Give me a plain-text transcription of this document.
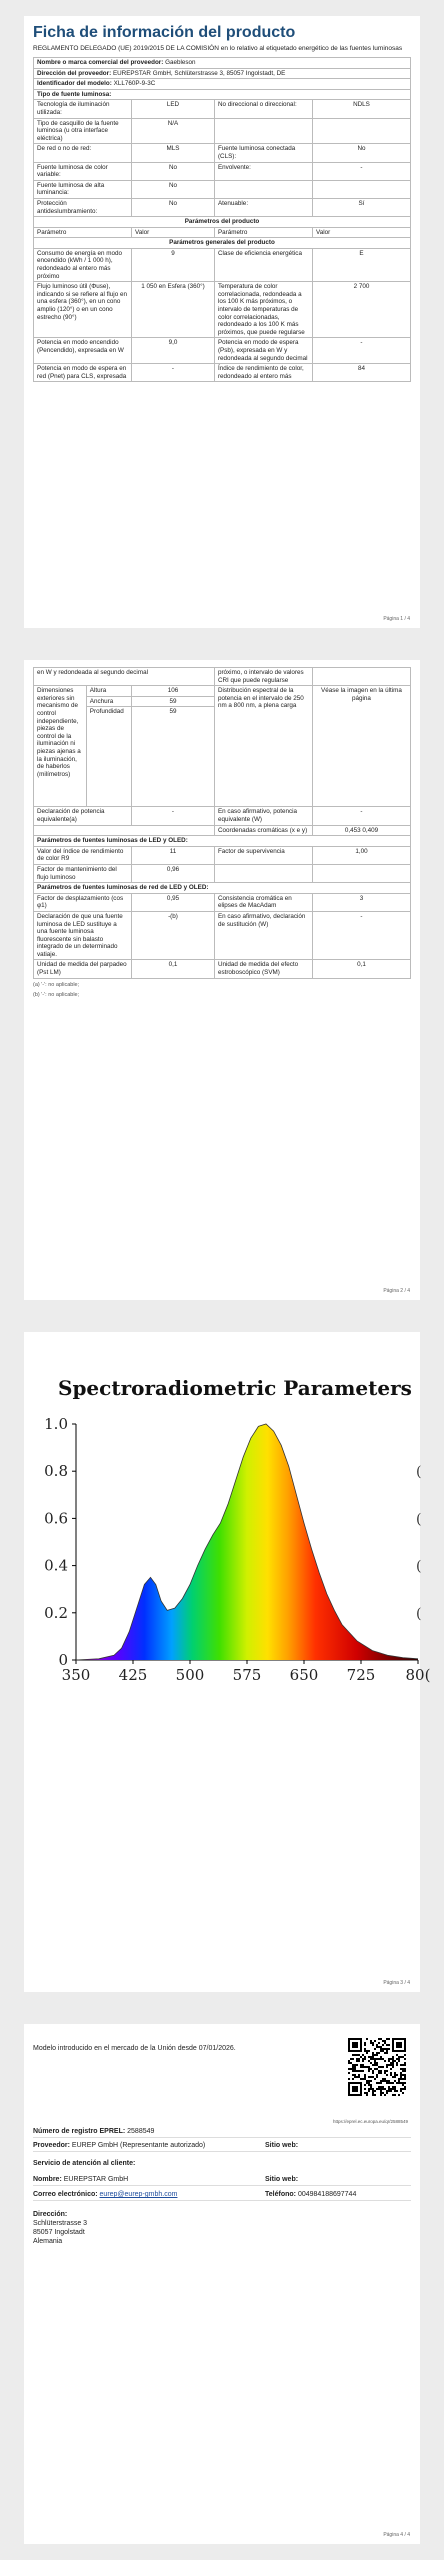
Ficha de información del producto
REGLAMENTO DELEGADO (UE) 2019/2015 DE LA COMISIÓN en lo relativo al etiquetado energético de las fuentes luminosas
Nombre o marca comercial del proveedor: Gaebleson			
Dirección del proveedor: EUREPSTAR GmbH, Schlüterstrasse 3, 85057 Ingolstadt, DE			
Identificador del modelo: XLL760P-9-3C			
Tipo de fuente luminosa:			
Tecnología de iluminación utilizada:	LED	No direccional o direccional:	NDLS
Tipo de casquillo de la fuente luminosa (u otra interface eléctrica)	N/A		
De red o no de red:	MLS	Fuente luminosa conectada (CLS):	No
Fuente luminosa de color variable:	No	Envolvente:	-
Fuente luminosa de alta luminancia:	No		
Protección antideslumbramiento:	No	Atenuable:	Sí
Parámetros del producto			
Parámetro	Valor	Parámetro	Valor
Parámetros generales del producto			
Consumo de energía en modo encendido (kWh / 1 000 h), redondeado al entero más próximo	9	Clase de eficiencia energética	E
Flujo luminoso útil (Φuse), indicando si se refiere al flujo en una esfera (360°), en un cono amplio (120°) o en un cono estrecho (90°)	1 050 en Esfera (360°)	Temperatura de color correlacionada, redondeada a los 100 K más próximos, o intervalo de temperaturas de color correlacionadas, redondeado a los 100 K más próximos, que puede regularse	2 700
Potencia en modo encendido (Pencendido), expresada en W	9,0	Potencia en modo de espera (Psb), expresada en W y redondeada al segundo decimal	-
Potencia en modo de espera en red (Pnet) para CLS, expresada	-	Índice de rendimiento de color, redondeado al entero más	84
Página 1 / 4
en W y redondeada al segundo decimal			próximo, o intervalo de valores CRI que puede regularse	
Dimensiones exteriores sin mecanismo de control independiente, piezas de control de la iluminación ni piezas ajenas a la iluminación, de haberlos (milímetros)	Altura	106	Distribución espectral de la potencia en el intervalo de 250 nm a 800 nm, a plena carga	Véase la imagen en la última página
	Anchura	59		
	Profundidad	59		
Declaración de potencia equivalente(a)		-	En caso afirmativo, potencia equivalente (W)	-
			Coordenadas cromáticas (x e y)	0,453 0,409
Parámetros de fuentes luminosas de LED y OLED:				
Valor del índice de rendimiento de color R9		11	Factor de supervivencia	1,00
Factor de mantenimiento del flujo luminoso		0,96		
Parámetros de fuentes luminosas de red de LED y OLED:				
Factor de desplazamiento (cos φ1)		0,95	Consistencia cromática en elipses de MacAdam	3
Declaración de que una fuente luminosa de LED sustituye a una fuente luminosa fluorescente sin balasto integrado de un determinado vatiaje.		-(b)	En caso afirmativo, declaración de sustitución (W)	-
Unidad de medida del parpadeo (Pst LM)		0,1	Unidad de medida del efecto estroboscópico (SVM)	0,1
(a) '-': no aplicable;
(b) '-': no aplicable;
Página 2 / 4
Spectroradiometric Parameters
0
0.2
0.4
0.6
0.8
1.0
350 425 500 575 650 725 80(
(
(
(
(
Página 3 / 4
Modelo introducido en el mercado de la Unión desde 07/01/2026.
https://eprel.ec.europa.eu/qr/2588549
Número de registro EPREL: 2588549
Proveedor: EUREP GmbH (Representante autorizado)	Sitio web:
Servicio de atención al cliente:
Nombre: EUREPSTAR GmbH	Sitio web:
Correo electrónico: eurep@eurep-gmbh.com	Teléfono: 004984188697744
Dirección:
Schlüterstrasse 3
85057 Ingolstadt
Alemania
Página 4 / 4
